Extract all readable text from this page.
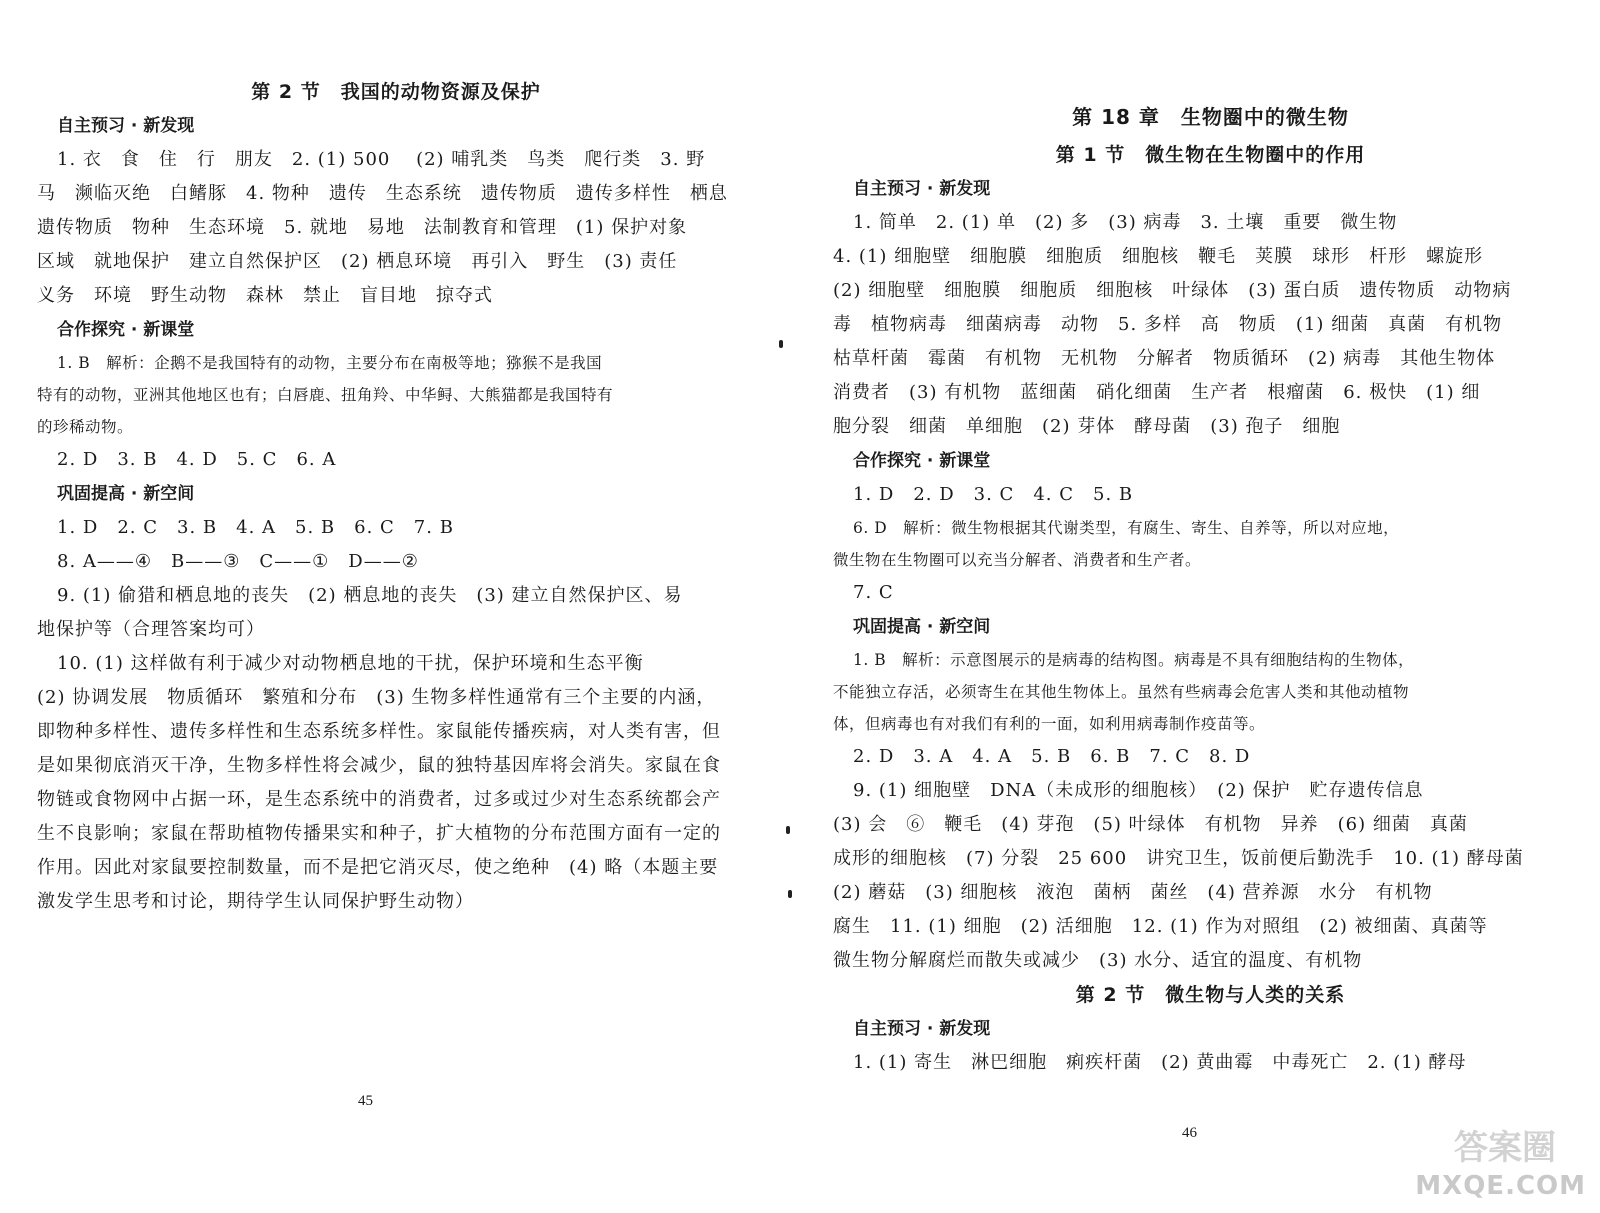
第 2 节　我国的动物资源及保护
自主预习 · 新发现
1. 衣　食　住　行　朋友　2. (1) 500　 (2) 哺乳类　鸟类　爬行类　3. 野
马　濒临灭绝　白鳍豚　4. 物种　遗传　生态系统　遗传物质　遗传多样性　栖息
遗传物质　物种　生态环境　5. 就地　易地　法制教育和管理　(1) 保护对象
区域　就地保护　建立自然保护区　(2) 栖息环境　再引入　野生　(3) 责任
义务　环境　野生动物　森林　禁止　盲目地　掠夺式
合作探究 · 新课堂
1. B　解析：企鹅不是我国特有的动物，主要分布在南极等地；猕猴不是我国
特有的动物，亚洲其他地区也有；白唇鹿、扭角羚、中华鲟、大熊猫都是我国特有
的珍稀动物。
2. D　3. B　4. D　5. C　6. A
巩固提高 · 新空间
1. D　2. C　3. B　4. A　5. B　6. C　7. B
8. A——④　B——③　C——①　D——②
9. (1) 偷猎和栖息地的丧失　(2) 栖息地的丧失　(3) 建立自然保护区、易
地保护等（合理答案均可）
10. (1) 这样做有利于减少对动物栖息地的干扰，保护环境和生态平衡
(2) 协调发展　物质循环　繁殖和分布　(3) 生物多样性通常有三个主要的内涵，
即物种多样性、遗传多样性和生态系统多样性。家鼠能传播疾病，对人类有害，但
是如果彻底消灭干净，生物多样性将会减少，鼠的独特基因库将会消失。家鼠在食
物链或食物网中占据一环，是生态系统中的消费者，过多或过少对生态系统都会产
生不良影响；家鼠在帮助植物传播果实和种子，扩大植物的分布范围方面有一定的
作用。因此对家鼠要控制数量，而不是把它消灭尽，使之绝种　(4) 略（本题主要
激发学生思考和讨论，期待学生认同保护野生动物）
45
第 18 章　生物圈中的微生物
第 1 节　微生物在生物圈中的作用
自主预习 · 新发现
1. 简单　2. (1) 单　(2) 多　(3) 病毒　3. 土壤　重要　微生物
4. (1) 细胞壁　细胞膜　细胞质　细胞核　鞭毛　荚膜　球形　杆形　螺旋形
(2) 细胞壁　细胞膜　细胞质　细胞核　叶绿体　(3) 蛋白质　遗传物质　动物病
毒　植物病毒　细菌病毒　动物　5. 多样　高　物质　(1) 细菌　真菌　有机物
枯草杆菌　霉菌　有机物　无机物　分解者　物质循环　(2) 病毒　其他生物体
消费者　(3) 有机物　蓝细菌　硝化细菌　生产者　根瘤菌　6. 极快　(1) 细
胞分裂　细菌　单细胞　(2) 芽体　酵母菌　(3) 孢子　细胞
合作探究 · 新课堂
1. D　2. D　3. C　4. C　5. B
6. D　解析：微生物根据其代谢类型，有腐生、寄生、自养等，所以对应地，
微生物在生物圈可以充当分解者、消费者和生产者。
7. C
巩固提高 · 新空间
1. B　解析：示意图展示的是病毒的结构图。病毒是不具有细胞结构的生物体，
不能独立存活，必须寄生在其他生物体上。虽然有些病毒会危害人类和其他动植物
体，但病毒也有对我们有利的一面，如利用病毒制作疫苗等。
2. D　3. A　4. A　5. B　6. B　7. C　8. D
9. (1) 细胞壁　DNA（未成形的细胞核）　(2) 保护　贮存遗传信息
(3) 会　⑥　鞭毛　(4) 芽孢　(5) 叶绿体　有机物　异养　(6) 细菌　真菌
成形的细胞核　(7) 分裂　25 600　讲究卫生，饭前便后勤洗手　10. (1) 酵母菌
(2) 蘑菇　(3) 细胞核　液泡　菌柄　菌丝　(4) 营养源　水分　有机物
腐生　11. (1) 细胞　(2) 活细胞　12. (1) 作为对照组　(2) 被细菌、真菌等
微生物分解腐烂而散失或减少　(3) 水分、适宜的温度、有机物
第 2 节　微生物与人类的关系
自主预习 · 新发现
1. (1) 寄生　淋巴细胞　痢疾杆菌　(2) 黄曲霉　中毒死亡　2. (1) 酵母
46	答案圈
MXQE.COM
